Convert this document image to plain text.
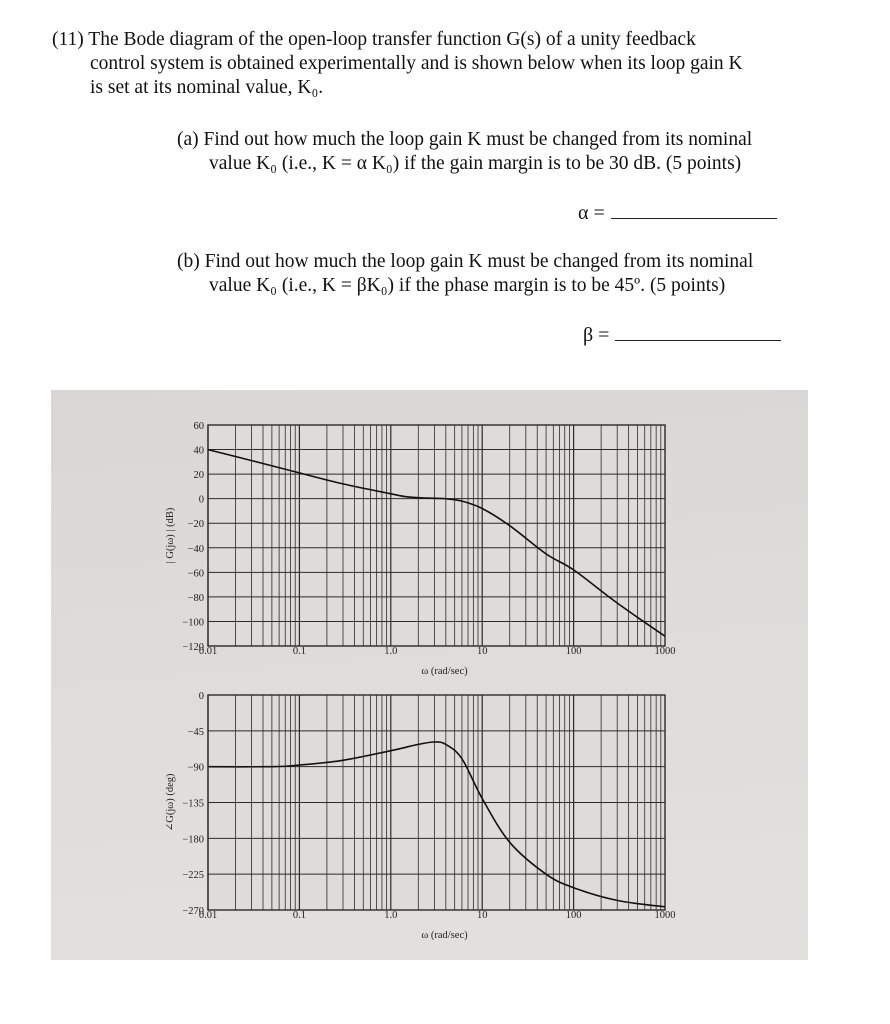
(11) The Bode diagram of the open-loop transfer function G(s) of a unity feedback
control system is obtained experimentally and is shown below when its loop gain K
is set at its nominal value, K₀.

(a) Find out how much the loop gain K must be changed from its nominal
value K₀ (i.e., K = α K₀) if the gain margin is to be 30 dB. (5 points)

α =

(b) Find out how much the loop gain K must be changed from its nominal
value K₀ (i.e., K = βK₀) if the phase margin is to be 45º. (5 points)

β =
60
40
20
0
−20
−40
−60
−80
−100
−120
0.01	0.1	1.0	10	100	1000
ω (rad/sec)
| G(jω) | (dB)
0
−45
−90
−135
−180
−225
−270
0.01	0.1	1.0	10	100	1000
ω (rad/sec)
∠G(jω) (deg)
